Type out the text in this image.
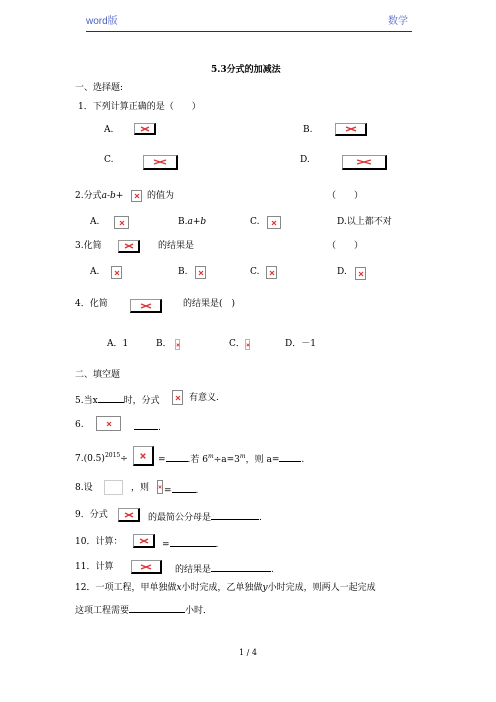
word版	数学
5.3分式的加减法
一、选择题:
1．下列计算正确的是（　　）
A.	B.
C.	D.
2.分式a-b+	的值为	（　　）
A.	B.a+b	C.	D.以上都不对
3.化简	的结果是	（　　）
A.	B.	C.	D.
4．化简	的结果是(　)
A．1	B．	C．	D．－1
二、填空题
5.当x	时，分式	有意义.
6.	.
$7.(0.5)^{2015}\div$	= .若 $6^m\div a=3^m$，则 a= .
8.设	，则 =	.
9．分式	的最简公分母是	.
10．计算：	=	.
11．计算	的结果是	.
12．一项工程，甲单独做x小时完成，乙单独做y小时完成，则两人一起完成
这项工程需要	小时．
1 / 4
